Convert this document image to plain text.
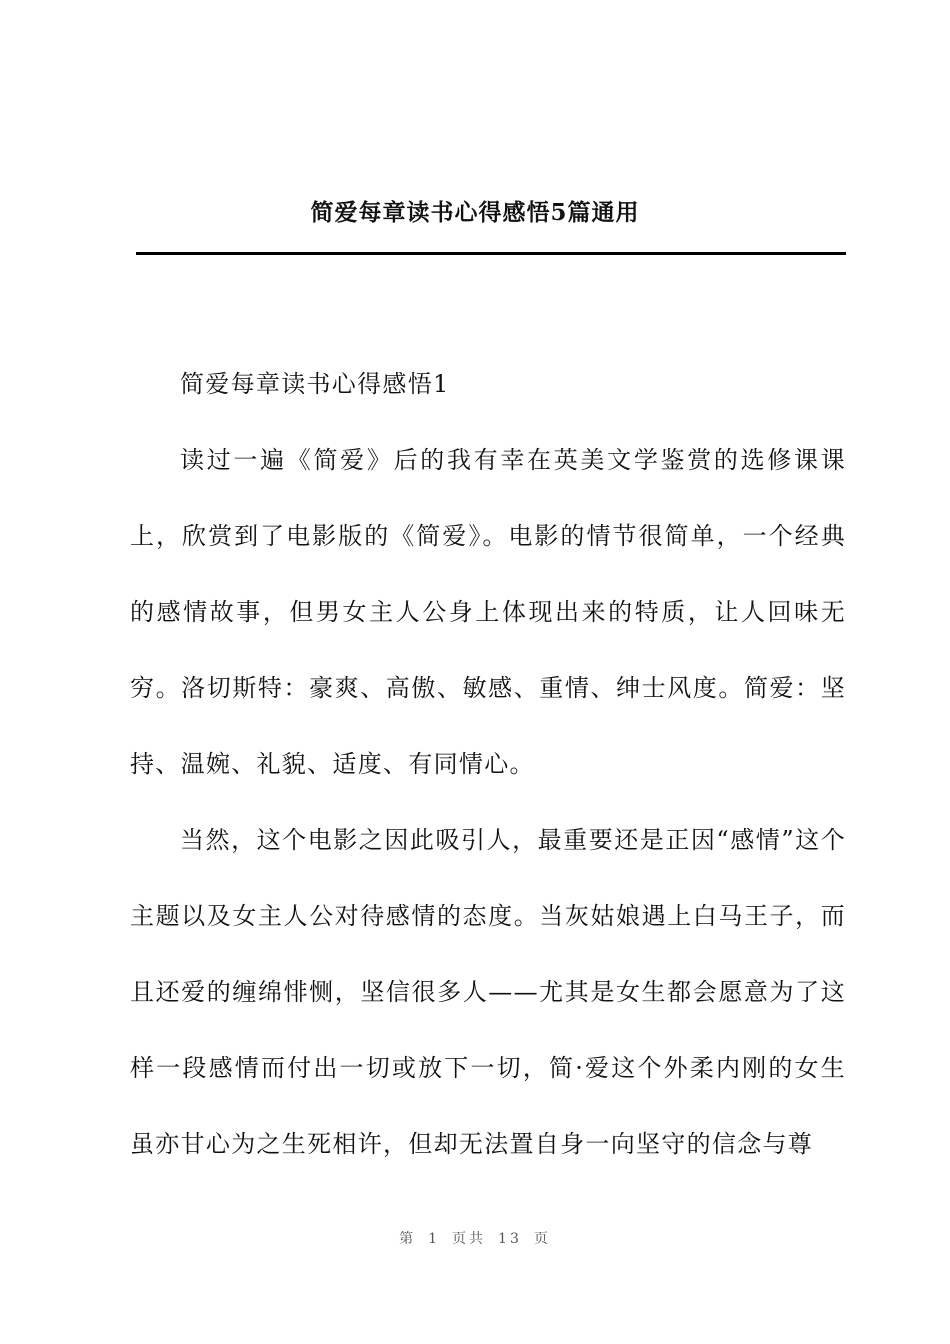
简爱每章读书心得感悟5篇通用
简爱每章读书心得感悟1

读过一遍《简爱》后的我有幸在英美文学鉴赏的选修课课上，欣赏到了电影版的《简爱》。电影的情节很简单，一个经典的感情故事，但男女主人公身上体现出来的特质，让人回味无穷。洛切斯特：豪爽、高傲、敏感、重情、绅士风度。简爱：坚持、温婉、礼貌、适度、有同情心。

当然，这个电影之因此吸引人，最重要还是正因“感情”这个主题以及女主人公对待感情的态度。当灰姑娘遇上白马王子，而且还爱的缠绵悱恻，坚信很多人——尤其是女生都会愿意为了这样一段感情而付出一切或放下一切，简·爱这个外柔内刚的女生虽亦甘心为之生死相许，但却无法置自身一向坚守的信念与尊

第 1 页共 13 页
